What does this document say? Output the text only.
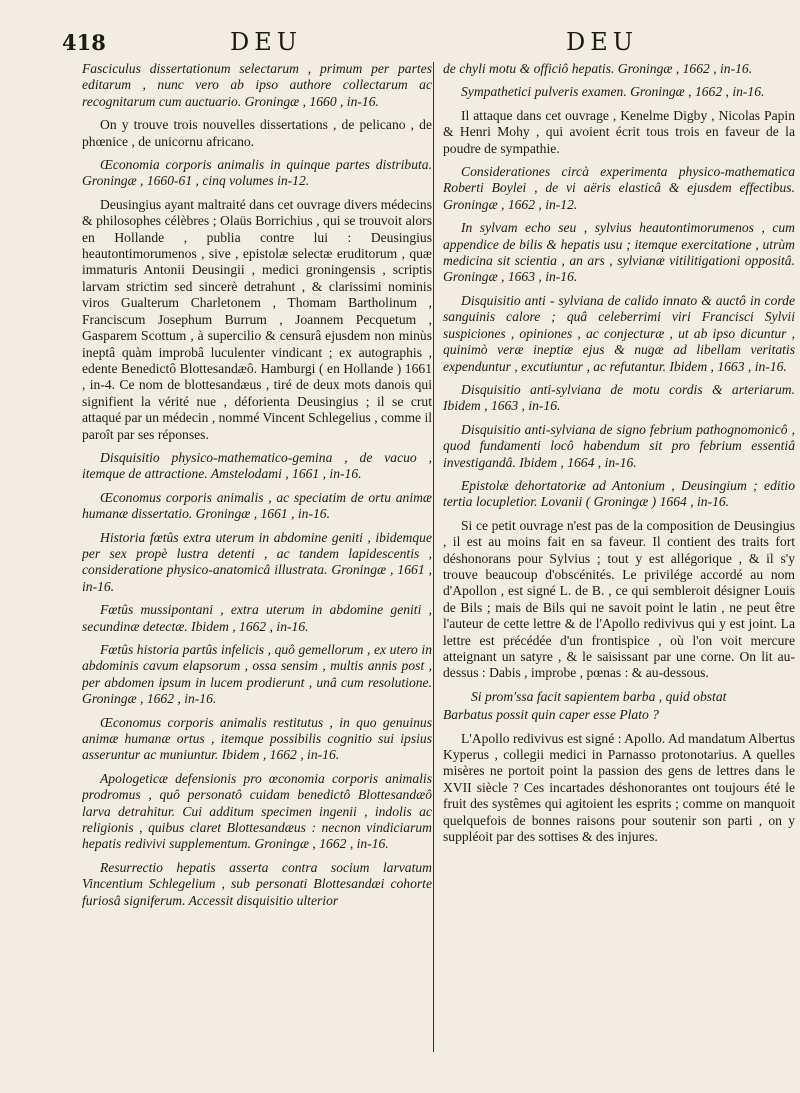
418	DEU	DEU

Fasciculus dissertationum selectarum , primum per partes editarum , nunc vero ab ipso authore collectarum ac recognitarum cum auctuario. Groningæ , 1660 , in-16.

On y trouve trois nouvelles dissertations , de pelicano , de phœnice , de unicornu africano.

Œconomia corporis animalis in quinque partes distributa. Groningæ , 1660-61 , cinq volumes in-12.

Deusingius ayant maltraité dans cet ouvrage divers médecins & philosophes célèbres ; Olaüs Borrichius , qui se trouvoit alors en Hollande , publia contre lui : Deusingius heautontimorumenos , sive , epistolæ selectæ eruditorum , quæ immaturis Antonii Deusingii , medici groningensis , scriptis larvam strictim sed sincerè detrahunt , & clarissimi nominis viros Gualterum Charletonem , Thomam Bartholinum , Franciscum Josephum Burrum , Joannem Pecquetum , Gasparem Scottum , à supercilio & censurâ ejusdem non minùs ineptâ quàm improbâ luculenter vindicant ; ex autographis , edente Benedictô Blottesandæô. Hamburgi ( en Hollande ) 1661 , in-4. Ce nom de blottesandæus , tiré de deux mots danois qui signifient la vérité nue , déforienta Deusingius ; il se crut attaqué par un médecin , nommé Vincent Schlegelius , comme il paroît par ses réponses.

Disquisitio physico-mathematico-gemina , de vacuo , itemque de attractione. Amstelodami , 1661 , in-16.

Œconomus corporis animalis , ac speciatim de ortu animæ humanæ dissertatio. Groningæ , 1661 , in-16.

Historia fœtûs extra uterum in abdomine geniti , ibidemque per sex propè lustra detenti , ac tandem lapidescentis , consideratione physico-anatomicâ illustrata. Groningæ , 1661 , in-16.

Fœtûs mussipontani , extra uterum in abdomine geniti , secundinæ detectæ. Ibidem , 1662 , in-16.

Fœtûs historia partûs infelicis , quô gemellorum , ex utero in abdominis cavum elapsorum , ossa sensim , multis annis post , per abdomen ipsum in lucem prodierunt , unâ cum resolutione. Groningæ , 1662 , in-16.

Œconomus corporis animalis restitutus , in quo genuinus animæ humanæ ortus , itemque possibilis cognitio sui ipsius asseruntur ac muniuntur. Ibidem , 1662 , in-16.

Apologeticæ defensionis pro œconomia corporis animalis prodromus , quô personatô cuidam benedictô Blottesandæô larva detrahitur. Cui additum specimen ingenii , indolis ac religionis , quibus claret Blottesandæus : necnon vindiciarum hepatis redivivi supplementum. Groningæ , 1662 , in-16.

Resurrectio hepatis asserta contra socium larvatum Vincentium Schlegelium , sub personati Blottesandæi cohorte furiosâ signiferum. Accessit disquisitio ulterior

de chyli motu & officiô hepatis. Groningæ , 1662 , in-16.

Sympathetici pulveris examen. Groningæ , 1662 , in-16.

Il attaque dans cet ouvrage , Kenelme Digby , Nicolas Papin & Henri Mohy , qui avoient écrit tous trois en faveur de la poudre de sympathie.

Considerationes circà experimenta physico-mathematica Roberti Boylei , de vi aëris elasticâ & ejusdem effectibus. Groningæ , 1662 , in-12.

In sylvam echo seu , sylvius heautontimorumenos , cum appendice de bilis & hepatis usu ; itemque exercitatione , utrùm medicina sit scientia , an ars , sylvianæ vitilitigationi oppositâ. Groningæ , 1663 , in-16.

Disquisitio anti - sylviana de calido innato & auctô in corde sanguinis calore ; quâ celeberrimi viri Francisci Sylvii suspiciones , opiniones , ac conjecturæ , ut ab ipso dicuntur , quinimò veræ ineptiæ ejus & nugæ ad libellam veritatis expenduntur , excutiuntur , ac refutantur. Ibidem , 1663 , in-16.

Disquisitio anti-sylviana de motu cordis & arteriarum. Ibidem , 1663 , in-16.

Disquisitio anti-sylviana de signo febrium pathognomonicô , quod fundamenti locô habendum sit pro febrium essentiâ investigandâ. Ibidem , 1664 , in-16.

Epistolæ dehortatoriæ ad Antonium , Deusingium ; editio tertia locupletior. Lovanii ( Groningæ ) 1664 , in-16.

Si ce petit ouvrage n'est pas de la composition de Deusingius , il est au moins fait en sa faveur. Il contient des traits fort déshonorans pour Sylvius ; tout y est allégorique , & il s'y trouve beaucoup d'obscénités. Le privilége accordé au nom d'Apollon , est signé L. de B. , ce qui sembleroit désigner Louis de Bils ; mais de Bils qui ne savoit point le latin , ne peut être l'auteur de cette lettre & de l'Apollo redivivus qui y est joint. La lettre est précédée d'un frontispice , où l'on voit mercure atteignant un satyre , & le saisissant par une corne. On lit au-dessus : Dabis , improbe , pœnas : & au-dessous.

Si prom'ssa facit sapientem barba , quid obstat

Barbatus possit quin caper esse Plato ?

L'Apollo redivivus est signé : Apollo. Ad mandatum Albertus Kyperus , collegii medici in Parnasso protonotarius. A quelles misères ne portoit point la passion des gens de lettres dans le XVII siècle ? Ces incartades déshonorantes ont toujours été le fruit des systêmes qui agitoient les esprits ; comme on manquoit quelquefois de bonnes raisons pour soutenir son parti , on y suppléoit par des sottises & des injures.
